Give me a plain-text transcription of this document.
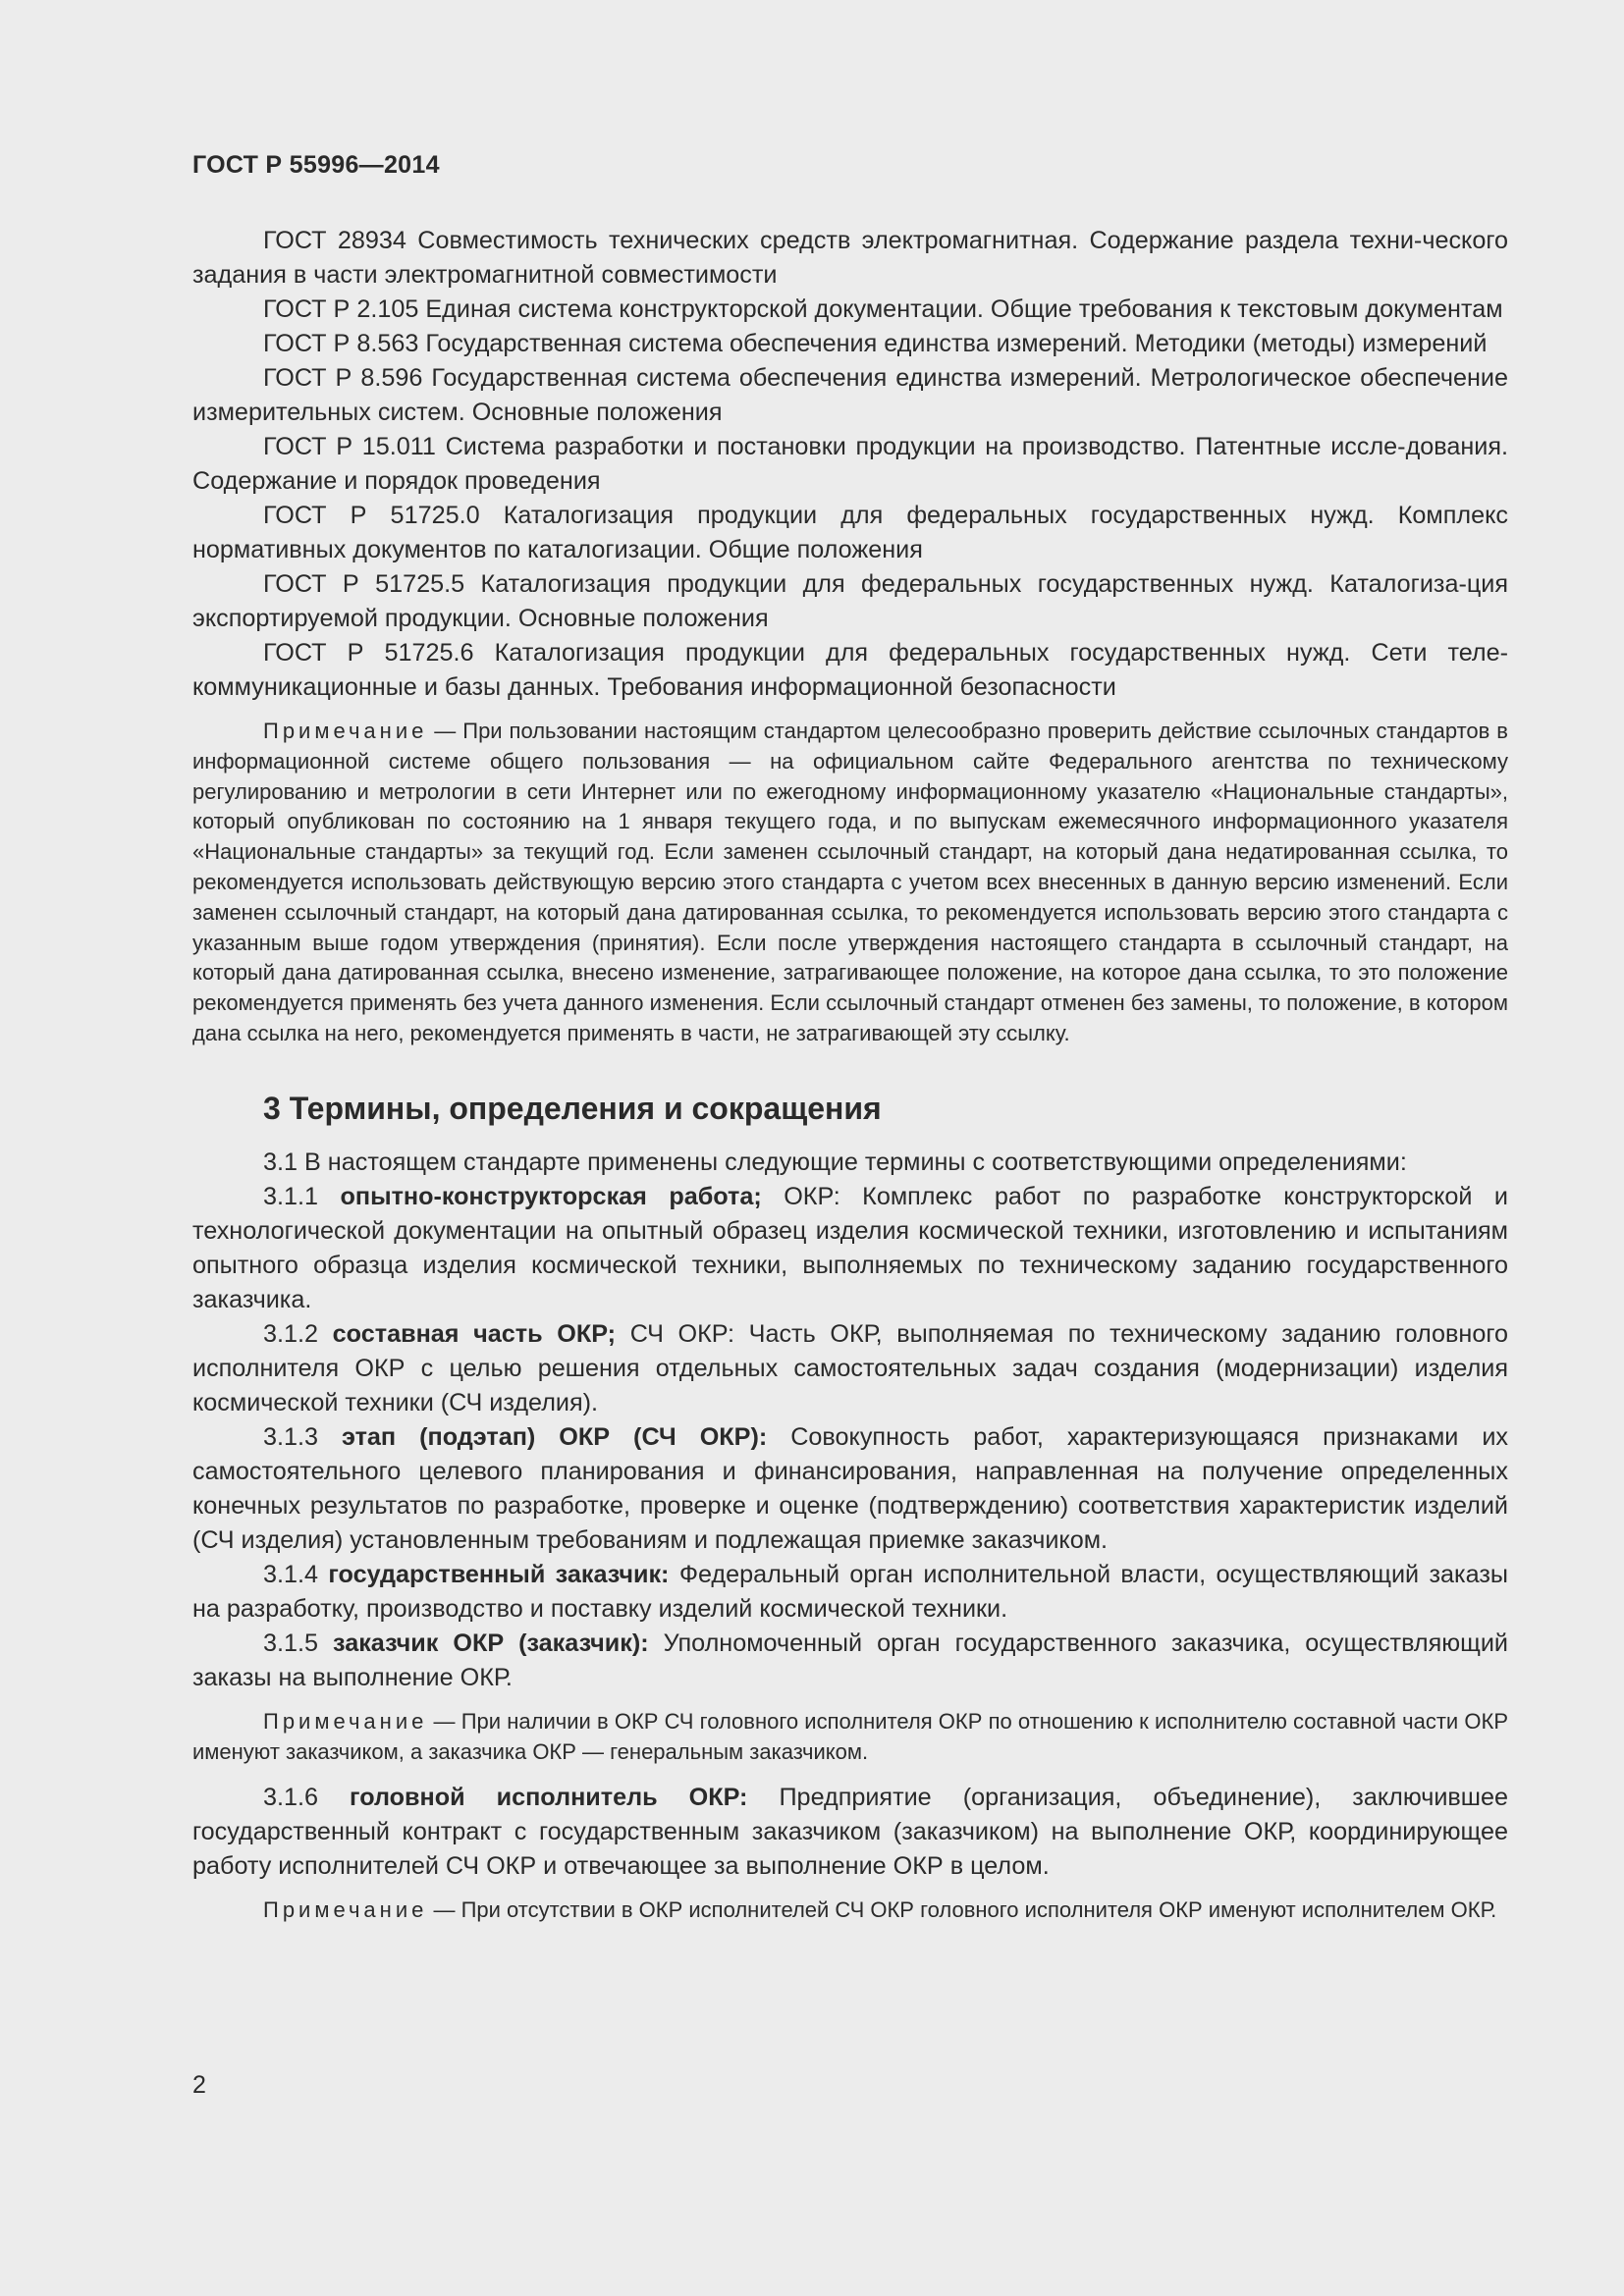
ГОСТ Р 55996—2014

ГОСТ 28934 Совместимость технических средств электромагнитная. Содержание раздела техни-ческого задания в части электромагнитной совместимости

ГОСТ Р 2.105 Единая система конструкторской документации. Общие требования к текстовым документам

ГОСТ Р 8.563 Государственная система обеспечения единства измерений. Методики (методы) измерений

ГОСТ Р 8.596 Государственная система обеспечения единства измерений. Метрологическое обеспечение измерительных систем. Основные положения

ГОСТ Р 15.011 Система разработки и постановки продукции на производство. Патентные иссле-дования. Содержание и порядок проведения

ГОСТ Р 51725.0 Каталогизация продукции для федеральных государственных нужд. Комплекс нормативных документов по каталогизации. Общие положения

ГОСТ Р 51725.5 Каталогизация продукции для федеральных государственных нужд. Каталогиза-ция экспортируемой продукции. Основные положения

ГОСТ Р 51725.6 Каталогизация продукции для федеральных государственных нужд. Сети теле-коммуникационные и базы данных. Требования информационной безопасности

Примечание — При пользовании настоящим стандартом целесообразно проверить действие ссылочных стандартов в информационной системе общего пользования — на официальном сайте Федерального агентства по техническому регулированию и метрологии в сети Интернет или по ежегодному информационному указателю «Национальные стандарты», который опубликован по состоянию на 1 января текущего года, и по выпускам ежемесячного информационного указателя «Национальные стандарты» за текущий год. Если заменен ссылочный стандарт, на который дана недатированная ссылка, то рекомендуется использовать действующую версию этого стандарта с учетом всех внесенных в данную версию изменений. Если заменен ссылочный стандарт, на который дана датированная ссылка, то рекомендуется использовать версию этого стандарта с указанным выше годом утверждения (принятия). Если после утверждения настоящего стандарта в ссылочный стандарт, на который дана датированная ссылка, внесено изменение, затрагивающее положение, на которое дана ссылка, то это положение рекомендуется применять без учета данного изменения. Если ссылочный стандарт отменен без замены, то положение, в котором дана ссылка на него, рекомендуется применять в части, не затрагивающей эту ссылку.

3 Термины, определения и сокращения

3.1 В настоящем стандарте применены следующие термины с соответствующими определениями:

3.1.1 опытно-конструкторская работа; ОКР: Комплекс работ по разработке конструкторской и технологической документации на опытный образец изделия космической техники, изготовлению и испытаниям опытного образца изделия космической техники, выполняемых по техническому заданию государственного заказчика.

3.1.2 составная часть ОКР; СЧ ОКР: Часть ОКР, выполняемая по техническому заданию головного исполнителя ОКР с целью решения отдельных самостоятельных задач создания (модернизации) изделия космической техники (СЧ изделия).

3.1.3 этап (подэтап) ОКР (СЧ ОКР): Совокупность работ, характеризующаяся признаками их самостоятельного целевого планирования и финансирования, направленная на получение определенных конечных результатов по разработке, проверке и оценке (подтверждению) соответствия характеристик изделий (СЧ изделия) установленным требованиям и подлежащая приемке заказчиком.

3.1.4 государственный заказчик: Федеральный орган исполнительной власти, осуществляющий заказы на разработку, производство и поставку изделий космической техники.

3.1.5 заказчик ОКР (заказчик): Уполномоченный орган государственного заказчика, осуществляющий заказы на выполнение ОКР.

Примечание — При наличии в ОКР СЧ головного исполнителя ОКР по отношению к исполнителю составной части ОКР именуют заказчиком, а заказчика ОКР — генеральным заказчиком.

3.1.6 головной исполнитель ОКР: Предприятие (организация, объединение), заключившее государственный контракт с государственным заказчиком (заказчиком) на выполнение ОКР, координирующее работу исполнителей СЧ ОКР и отвечающее за выполнение ОКР в целом.

Примечание — При отсутствии в ОКР исполнителей СЧ ОКР головного исполнителя ОКР именуют исполнителем ОКР.

2
